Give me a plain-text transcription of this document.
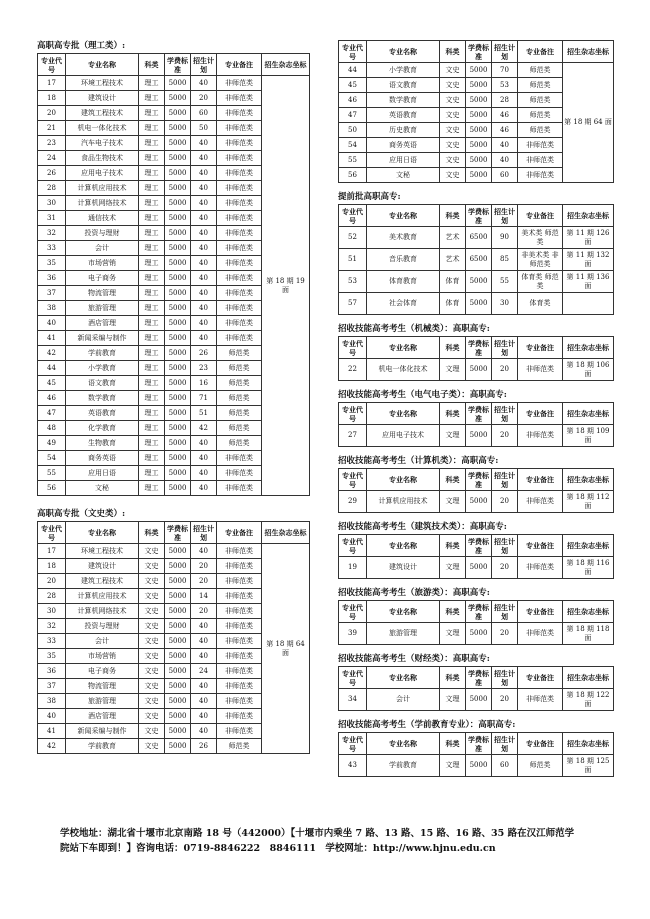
高职高专批（理工类）:
专业代号	专业名称	科类	学费标准	招生计划	专业备注	招生杂志坐标
17	环境工程技术	理工	5000	40	非师范类	第 18 期 19 面
18	建筑设计	理工	5000	20	非师范类	
20	建筑工程技术	理工	5000	60	非师范类	
21	机电一体化技术	理工	5000	50	非师范类	
23	汽车电子技术	理工	5000	40	非师范类	
24	食品生物技术	理工	5000	40	非师范类	
26	应用电子技术	理工	5000	40	非师范类	
28	计算机应用技术	理工	5000	40	非师范类	
30	计算机网络技术	理工	5000	40	非师范类	
31	通信技术	理工	5000	40	非师范类	
32	投资与理财	理工	5000	40	非师范类	
33	会计	理工	5000	40	非师范类	
35	市场营销	理工	5000	40	非师范类	
36	电子商务	理工	5000	40	非师范类	
37	物流管理	理工	5000	40	非师范类	
38	旅游管理	理工	5000	40	非师范类	
40	酒店管理	理工	5000	40	非师范类	
41	新闻采编与制作	理工	5000	40	非师范类	
42	学前教育	理工	5000	26	师范类	
44	小学教育	理工	5000	23	师范类	
45	语文教育	理工	5000	16	师范类	
46	数学教育	理工	5000	71	师范类	
47	英语教育	理工	5000	51	师范类	
48	化学教育	理工	5000	42	师范类	
49	生物教育	理工	5000	40	师范类	
54	商务英语	理工	5000	40	非师范类	
55	应用日语	理工	5000	40	非师范类	
56	文秘	理工	5000	40	非师范类	
高职高专批（文史类）:
专业代号	专业名称	科类	学费标准	招生计划	专业备注	招生杂志坐标
17	环境工程技术	文史	5000	40	非师范类	第 18 期 64 面
18	建筑设计	文史	5000	20	非师范类	
20	建筑工程技术	文史	5000	20	非师范类	
28	计算机应用技术	文史	5000	14	非师范类	
30	计算机网络技术	文史	5000	20	非师范类	
32	投资与理财	文史	5000	40	非师范类	
33	会计	文史	5000	40	非师范类	
35	市场营销	文史	5000	40	非师范类	
36	电子商务	文史	5000	24	非师范类	
37	物流管理	文史	5000	40	非师范类	
38	旅游管理	文史	5000	40	非师范类	
40	酒店管理	文史	5000	40	非师范类	
41	新闻采编与制作	文史	5000	40	非师范类	
42	学前教育	文史	5000	26	师范类	
专业代号	专业名称	科类	学费标准	招生计划	专业备注	招生杂志坐标
44	小学教育	文史	5000	70	师范类	第 18 期 64 面
45	语文教育	文史	5000	53	师范类	
46	数学教育	文史	5000	28	师范类	
47	英语教育	文史	5000	46	师范类	
50	历史教育	文史	5000	46	师范类	
54	商务英语	文史	5000	40	非师范类	
55	应用日语	文史	5000	40	非师范类	
56	文秘	文史	5000	60	非师范类	
提前批高职高专:
专业代号	专业名称	科类	学费标准	招生计划	专业备注	招生杂志坐标
52	美术教育	艺术	6500	90	美术类 师范类	第 11 期 126 面
51	音乐教育	艺术	6500	85	非美术类 非师范类	第 11 期 132 面
53	体育教育	体育	5000	55	体育类 师范类	第 11 期 136 面
57	社会体育	体育	5000	30	体育类	
招收技能高考考生（机械类）：高职高专:
专业代号	专业名称	科类	学费标准	招生计划	专业备注	招生杂志坐标
22	机电一体化技术	文理	5000	20	非师范类	第 18 期 106 面
招收技能高考考生（电气电子类）：高职高专:
专业代号	专业名称	科类	学费标准	招生计划	专业备注	招生杂志坐标
27	应用电子技术	文理	5000	20	非师范类	第 18 期 109 面
招收技能高考考生（计算机类）：高职高专:
专业代号	专业名称	科类	学费标准	招生计划	专业备注	招生杂志坐标
29	计算机应用技术	文理	5000	20	非师范类	第 18 期 112 面
招收技能高考考生（建筑技术类）：高职高专:
专业代号	专业名称	科类	学费标准	招生计划	专业备注	招生杂志坐标
19	建筑设计	文理	5000	20	非师范类	第 18 期 116 面
招收技能高考考生（旅游类）：高职高专:
专业代号	专业名称	科类	学费标准	招生计划	专业备注	招生杂志坐标
39	旅游管理	文理	5000	20	非师范类	第 18 期 118 面
招收技能高考考生（财经类）：高职高专:
专业代号	专业名称	科类	学费标准	招生计划	专业备注	招生杂志坐标
34	会计	文理	5000	20	非师范类	第 18 期 122 面
招收技能高考考生（学前教育专业）：高职高专:
专业代号	专业名称	科类	学费标准	招生计划	专业备注	招生杂志坐标
43	学前教育	文理	5000	60	师范类	第 18 期 125 面
学校地址：湖北省十堰市北京南路 18 号（442000）【十堰市内乘坐 7 路、13 路、15 路、16 路、35 路在汉江师范学
院站下车即到！】咨询电话：0719-8846222　8846111　学校网址：http://www.hjnu.edu.cn
